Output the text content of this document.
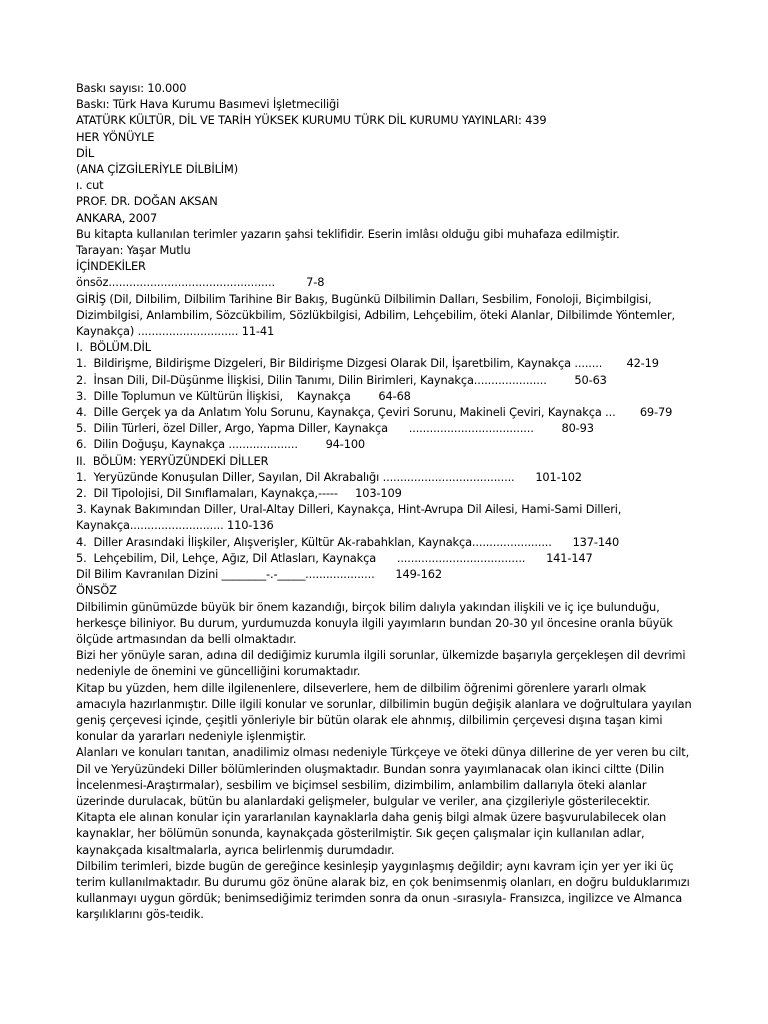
Baskı sayısı: 10.000
Baskı: Türk Hava Kurumu Basımevi İşletmeciliği
ATATÜRK KÜLTÜR, DİL VE TARİH YÜKSEK KURUMU TÜRK DİL KURUMU YAYINLARI: 439
HER YÖNÜYLE
DİL
(ANA ÇİZGİLERİYLE DİLBİLİM)
ı. cut
PROF. DR. DOĞAN AKSAN
ANKARA, 2007
Bu kitapta kullanılan terimler yazarın şahsi teklifidir. Eserin imlâsı olduğu gibi muhafaza edilmiştir.
Tarayan: Yaşar Mutlu
İÇİNDEKİLER
önsöz................................................         7-8
GİRİŞ (Dil, Dilbilim, Dilbilim Tarihine Bir Bakış, Bugünkü Dilbilimin Dalları, Sesbilim, Fonoloji, Biçimbilgisi, Dizimbilgisi, Anlambilim, Sözcükbilim, Sözlükbilgisi, Adbilim, Lehçebilim, öteki Alanlar, Dilbilimde Yöntemler, Kaynakça) ............................. 11-41
I.  BÖLÜM.DİL
1.  Bildirişme, Bildirişme Dizgeleri, Bir Bildirişme Dizgesi Olarak Dil, İşaretbilim, Kaynakça ........       42-19
2.  İnsan Dili, Dil-Düşünme İlişkisi, Dilin Tanımı, Dilin Birimleri, Kaynakça.....................        50-63
3.  Dille Toplumun ve Kültürün İlişkisi,    Kaynakça        64-68
4.  Dille Gerçek ya da Anlatım Yolu Sorunu, Kaynakça, Çeviri Sorunu, Makineli Çeviri, Kaynakça ...       69-79
5.  Dilin Türleri, özel Diller, Argo, Yapma Diller, Kaynakça      ....................................        80-93
6.  Dilin Doğuşu, Kaynakça ....................        94-100
II.  BÖLÜM: YERYÜZÜNDEKİ DİLLER
1.  Yeryüzünde Konuşulan Diller, Sayılan, Dil Akrabalığı ......................................      101-102
2.  Dil Tipolojisi, Dil Sınıflamaları, Kaynakça,-----     103-109
3. Kaynak Bakımından Diller, Ural-Altay Dilleri, Kaynakça, Hint-Avrupa Dil Ailesi, Hami-Sami Dilleri, Kaynakça........................... 110-136
4.  Diller Arasındaki İlişkiler, Alışverişler, Kültür Ak-rabahklan, Kaynakça.......................      137-140
5.  Lehçebilim, Dil, Lehçe, Ağız, Dil Atlasları, Kaynakça      .....................................      141-147
Dil Bilim Kavranılan Dizini ________-.-_____....................      149-162
ÖNSÖZ
Dilbilimin günümüzde büyük bir önem kazandığı, birçok bilim dalıyla yakından ilişkili ve iç içe bulunduğu, herkesçe biliniyor. Bu durum, yurdumuzda konuyla ilgili yayımların bundan 20-30 yıl öncesine oranla büyük ölçüde artmasından da belli olmaktadır.
Bizi her yönüyle saran, adına dil dediğimiz kurumla ilgili sorunlar, ülkemizde başarıyla gerçekleşen dil devrimi nedeniyle de önemini ve güncelliğini korumaktadır.
Kitap bu yüzden, hem dille ilgilenenlere, dilseverlere, hem de dilbilim öğrenimi görenlere yararlı olmak amacıyla hazırlanmıştır. Dille ilgili konular ve sorunlar, dilbilimin bugün değişik alanlara ve doğrultulara yayılan geniş çerçevesi içinde, çeşitli yönleriyle bir bütün olarak ele ahnmış, dilbilimin çerçevesi dışına taşan kimi konular da yararları nedeniyle işlenmiştir.
Alanları ve konuları tanıtan, anadilimiz olması nedeniyle Türkçeye ve öteki dünya dillerine de yer veren bu cilt, Dil ve Yeryüzündeki Diller bölümlerinden oluşmaktadır. Bundan sonra yayımlanacak olan ikinci ciltte (Dilin İncelenmesi-Araştırmalar), sesbilim ve biçimsel sesbilim, dizimbilim, anlambilim dallarıyla öteki alanlar üzerinde durulacak, bütün bu alanlardaki gelişmeler, bulgular ve veriler, ana çizgileriyle gösterilecektir.
Kitapta ele alınan konular için yararlanılan kaynaklarla daha geniş bilgi almak üzere başvurulabilecek olan kaynaklar, her bölümün sonunda, kaynakçada gösterilmiştir. Sık geçen çalışmalar için kullanılan adlar, kaynakçada kısaltmalarla, ayrıca belirlenmiş durumdadır.
Dilbilim terimleri, bizde bugün de gereğince kesinleşip yaygınlaşmış değildir; aynı kavram için yer yer iki üç terim kullanılmaktadır. Bu durumu göz önüne alarak biz, en çok benimsenmiş olanları, en doğru bulduklarımızı kullanmayı uygun gördük; benimsediğimiz terimden sonra da onun -sırasıyla- Fransızca, ingilizce ve Almanca karşılıklarını gös-teıdik.
